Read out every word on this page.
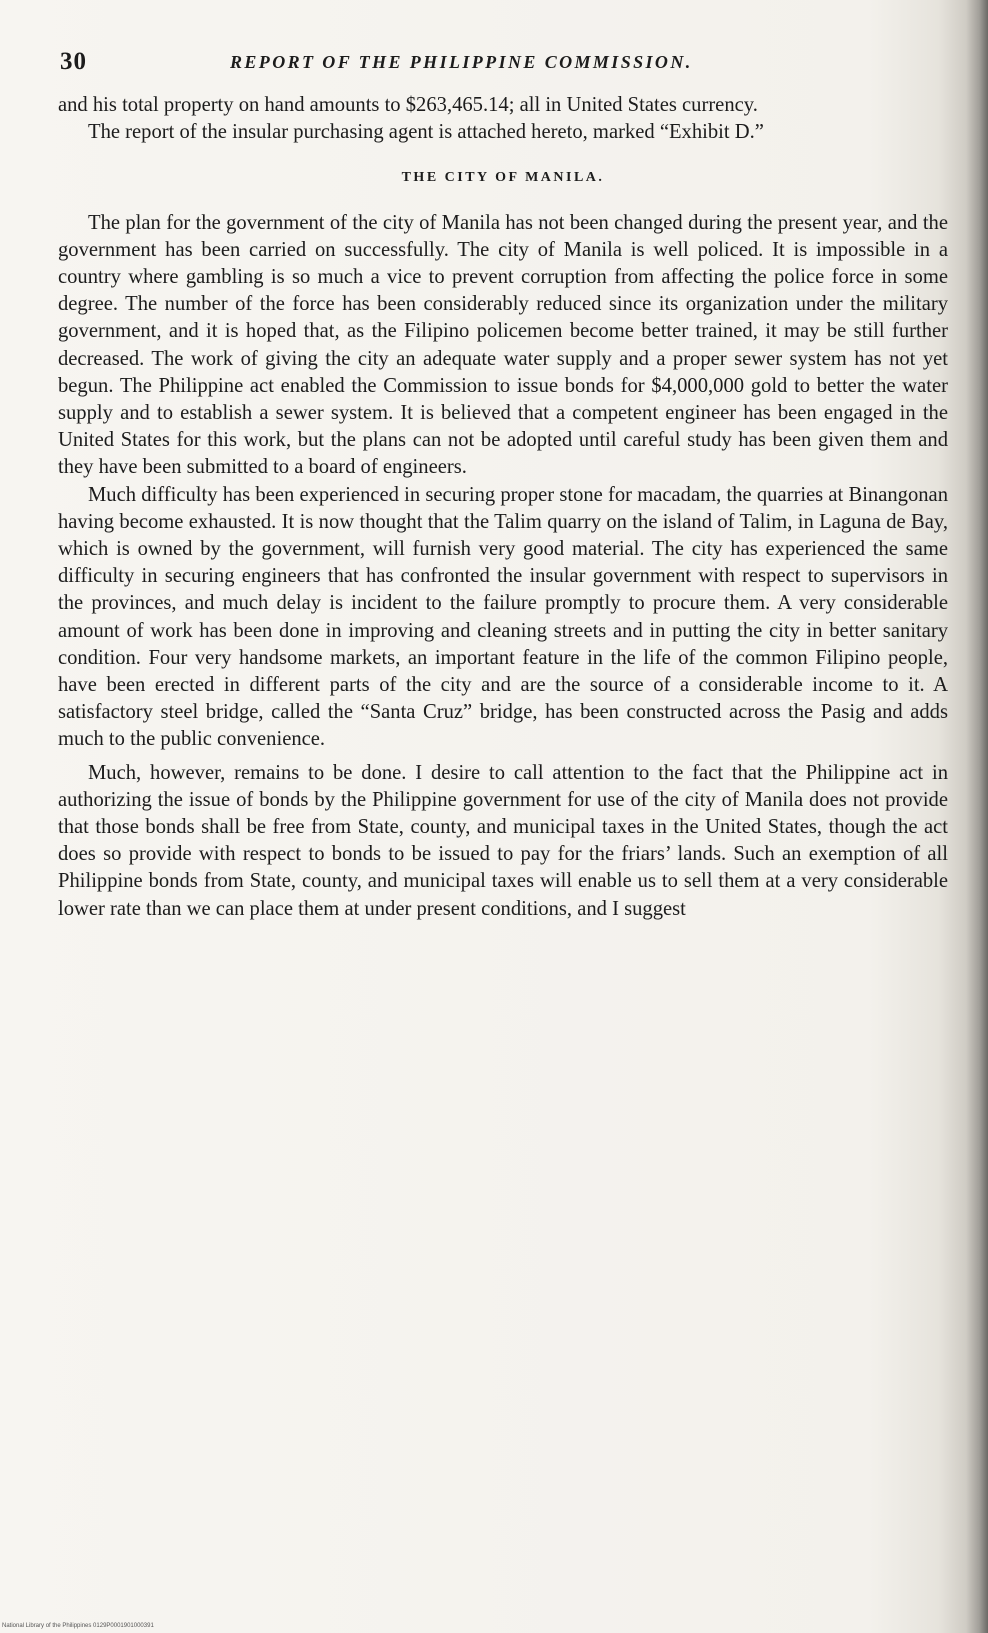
30	REPORT OF THE PHILIPPINE COMMISSION.

and his total property on hand amounts to $263,465.14; all in United States currency.

The report of the insular purchasing agent is attached hereto, marked “Exhibit D.”

THE CITY OF MANILA.

The plan for the government of the city of Manila has not been changed during the present year, and the government has been carried on successfully. The city of Manila is well policed. It is impossible in a country where gambling is so much a vice to prevent corruption from affecting the police force in some degree. The number of the force has been considerably reduced since its organization under the military government, and it is hoped that, as the Filipino policemen become better trained, it may be still further decreased. The work of giving the city an adequate water supply and a proper sewer system has not yet begun. The Philippine act enabled the Commission to issue bonds for $4,000,000 gold to better the water supply and to establish a sewer system. It is believed that a competent engineer has been engaged in the United States for this work, but the plans can not be adopted until careful study has been given them and they have been submitted to a board of engineers.

Much difficulty has been experienced in securing proper stone for macadam, the quarries at Binangonan having become exhausted. It is now thought that the Talim quarry on the island of Talim, in Laguna de Bay, which is owned by the government, will furnish very good material. The city has experienced the same difficulty in securing engineers that has confronted the insular government with respect to supervisors in the provinces, and much delay is incident to the failure promptly to procure them. A very considerable amount of work has been done in improving and cleaning streets and in putting the city in better sanitary condition. Four very handsome markets, an important feature in the life of the common Filipino people, have been erected in different parts of the city and are the source of a considerable income to it. A satisfactory steel bridge, called the “Santa Cruz” bridge, has been constructed across the Pasig and adds much to the public convenience.

Much, however, remains to be done. I desire to call attention to the fact that the Philippine act in authorizing the issue of bonds by the Philippine government for use of the city of Manila does not provide that those bonds shall be free from State, county, and municipal taxes in the United States, though the act does so provide with respect to bonds to be issued to pay for the friars’ lands. Such an exemption of all Philippine bonds from State, county, and municipal taxes will enable us to sell them at a very considerable lower rate than we can place them at under present conditions, and I suggest

National Library of the Philippines 0129P0001901000391
